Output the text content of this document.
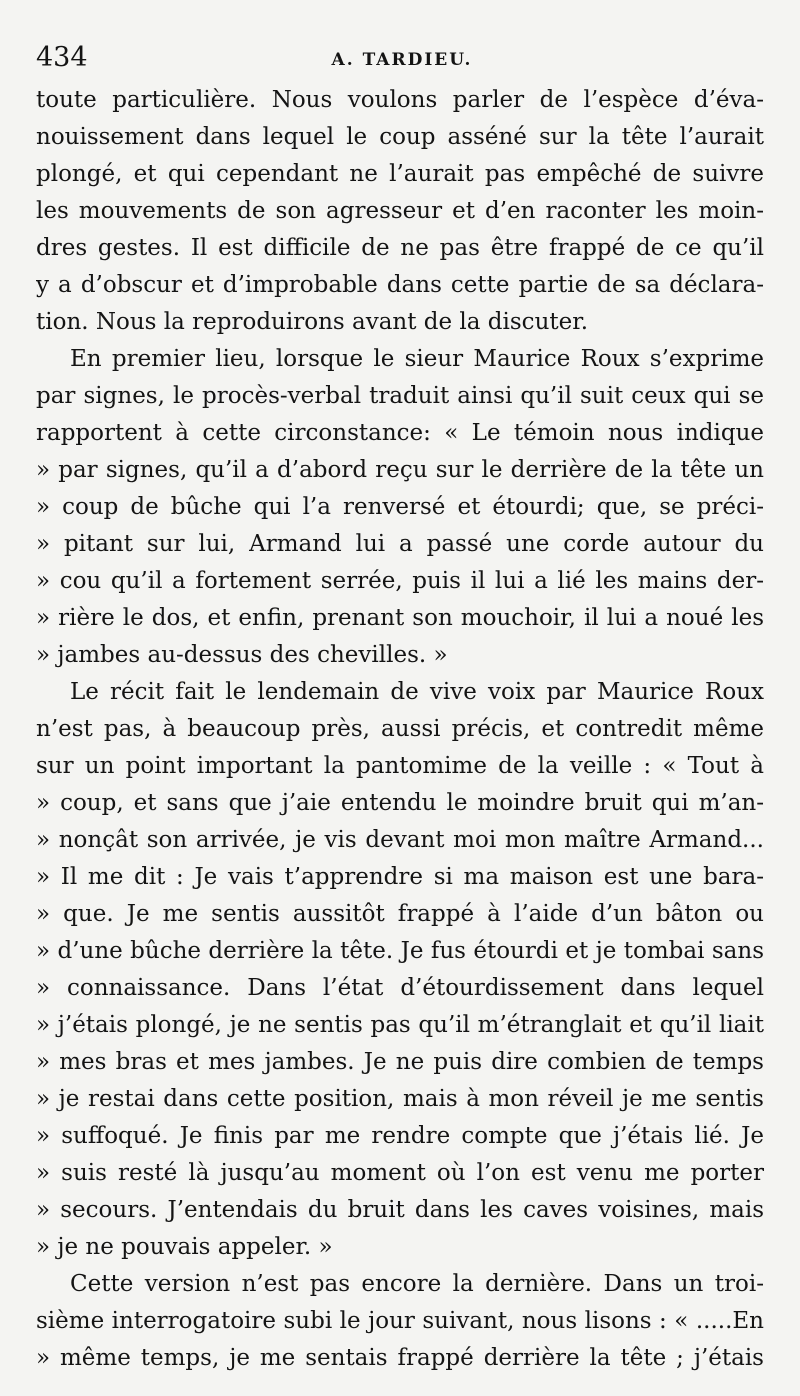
434	A. TARDIEU.
toute particulière. Nous voulons parler de l’espèce d’éva-
nouissement dans lequel le coup asséné sur la tête l’aurait
plongé, et qui cependant ne l’aurait pas empêché de suivre
les mouvements de son agresseur et d’en raconter les moin-
dres gestes. Il est difficile de ne pas être frappé de ce qu’il
y a d’obscur et d’improbable dans cette partie de sa déclara-
tion. Nous la reproduirons avant de la discuter.
En premier lieu, lorsque le sieur Maurice Roux s’exprime
par signes, le procès-verbal traduit ainsi qu’il suit ceux qui se
rapportent à cette circonstance: « Le témoin nous indique
» par signes, qu’il a d’abord reçu sur le derrière de la tête un
» coup de bûche qui l’a renversé et étourdi; que, se préci-
» pitant sur lui, Armand lui a passé une corde autour du
» cou qu’il a fortement serrée, puis il lui a lié les mains der-
» rière le dos, et enfin, prenant son mouchoir, il lui a noué les
» jambes au-dessus des chevilles. »
Le récit fait le lendemain de vive voix par Maurice Roux
n’est pas, à beaucoup près, aussi précis, et contredit même
sur un point important la pantomime de la veille : « Tout à
» coup, et sans que j’aie entendu le moindre bruit qui m’an-
» nonçât son arrivée, je vis devant moi mon maître Armand...
» Il me dit : Je vais t’apprendre si ma maison est une bara-
» que. Je me sentis aussitôt frappé à l’aide d’un bâton ou
» d’une bûche derrière la tête. Je fus étourdi et je tombai sans
» connaissance. Dans l’état d’étourdissement dans lequel
» j’étais plongé, je ne sentis pas qu’il m’étranglait et qu’il liait
» mes bras et mes jambes. Je ne puis dire combien de temps
» je restai dans cette position, mais à mon réveil je me sentis
» suffoqué. Je finis par me rendre compte que j’étais lié. Je
» suis resté là jusqu’au moment où l’on est venu me porter
» secours. J’entendais du bruit dans les caves voisines, mais
» je ne pouvais appeler. »
Cette version n’est pas encore la dernière. Dans un troi-
sième interrogatoire subi le jour suivant, nous lisons : « .....En
» même temps, je me sentais frappé derrière la tête ; j’étais
